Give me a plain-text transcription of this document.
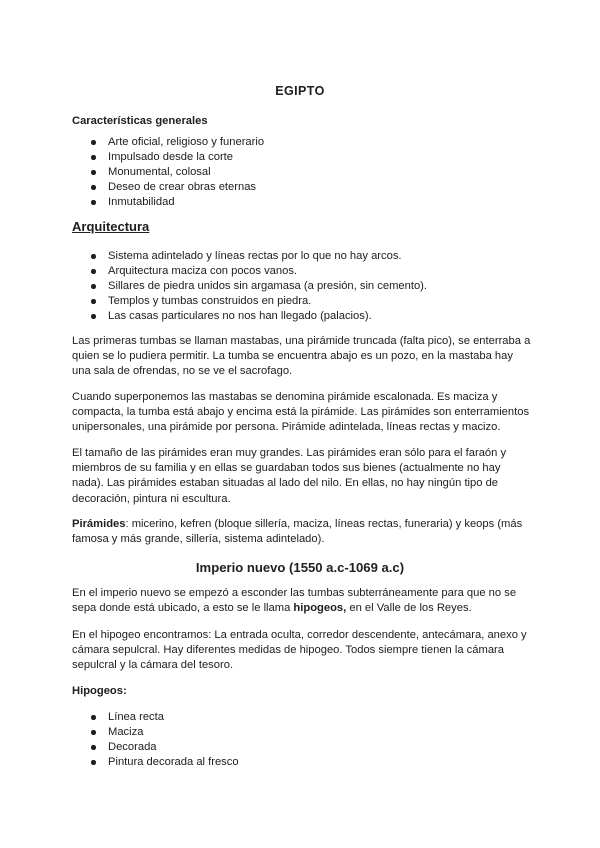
EGIPTO
Características generales
Arte oficial, religioso y funerario
Impulsado desde la corte
Monumental, colosal
Deseo de crear obras eternas
Inmutabilidad
Arquitectura
Sistema adintelado y líneas rectas por lo que no hay arcos.
Arquitectura maciza con pocos vanos.
Sillares de piedra unidos sin argamasa (a presión, sin cemento).
Templos y tumbas construidos en piedra.
Las casas particulares no nos han llegado (palacios).

Las primeras tumbas se llaman mastabas, una pirámide truncada (falta pico), se enterraba a quien se lo pudiera permitir. La tumba se encuentra abajo es un pozo, en la mastaba hay una sala de ofrendas, no se ve el sacrofago.

Cuando superponemos las mastabas se denomina pirámide escalonada. Es maciza y compacta, la tumba está abajo y encima está la pirámide. Las pirámides son enterramientos unipersonales, una pirámide por persona. Pirámide adintelada, líneas rectas y macizo.

El tamaño de las pirámides eran muy grandes. Las pirámides eran sólo para el faraón y miembros de su familia y en ellas se guardaban todos sus bienes (actualmente no hay nada). Las pirámides estaban situadas al lado del nilo. En ellas, no hay ningún tipo de decoración, pintura ni escultura.

Pirámides: micerino, kefren (bloque sillería, maciza, líneas rectas, funeraria) y keops (más famosa y más grande, sillería, sistema adintelado).

Imperio nuevo (1550 a.c-1069 a.c)

En el imperio nuevo se empezó a esconder las tumbas subterráneamente para que no se sepa donde está ubicado, a esto se le llama hipogeos, en el Valle de los Reyes.

En el hipogeo encontramos: La entrada oculta, corredor descendente, antecámara, anexo y cámara sepulcral. Hay diferentes medidas de hipogeo. Todos siempre tienen la cámara sepulcral y la cámara del tesoro.

Hipogeos:
Línea recta
Maciza
Decorada
Pintura decorada al fresco
